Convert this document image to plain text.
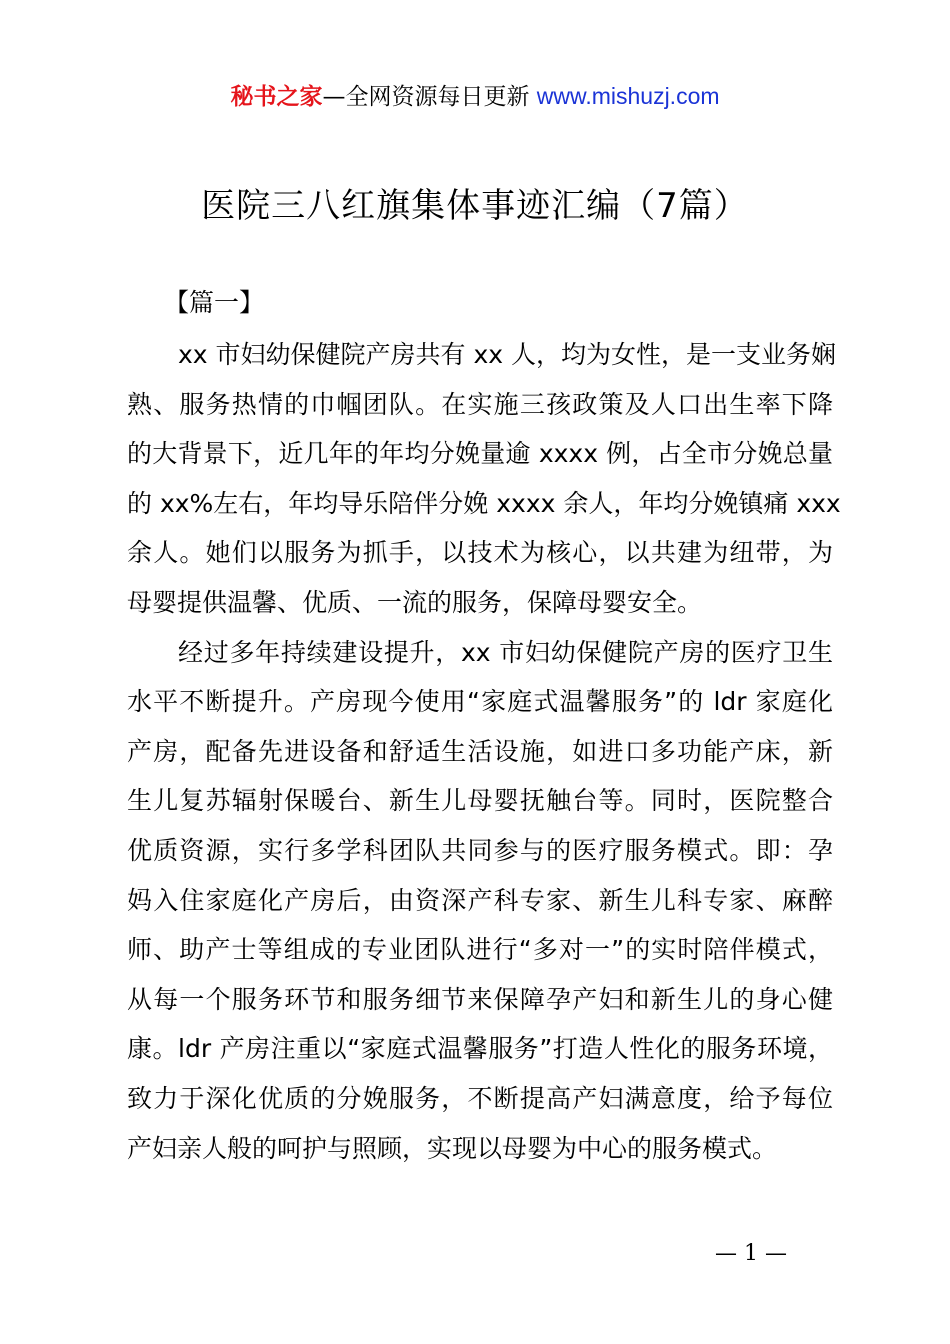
秘书之家—全网资源每日更新 www.mishuzj.com
医院三八红旗集体事迹汇编（7篇）
【篇一】
xx 市妇幼保健院产房共有 xx 人，均为女性，是一支业务娴
熟、服务热情的巾帼团队。在实施三孩政策及人口出生率下降
的大背景下，近几年的年均分娩量逾 xxxx 例，占全市分娩总量
的 xx%左右，年均导乐陪伴分娩 xxxx 余人，年均分娩镇痛 xxx
余人。她们以服务为抓手，以技术为核心，以共建为纽带，为
母婴提供温馨、优质、一流的服务，保障母婴安全。
经过多年持续建设提升，xx 市妇幼保健院产房的医疗卫生
水平不断提升。产房现今使用“家庭式温馨服务”的 ldr 家庭化
产房，配备先进设备和舒适生活设施，如进口多功能产床，新
生儿复苏辐射保暖台、新生儿母婴抚触台等。同时，医院整合
优质资源，实行多学科团队共同参与的医疗服务模式。即：孕
妈入住家庭化产房后，由资深产科专家、新生儿科专家、麻醉
师、助产士等组成的专业团队进行“多对一”的实时陪伴模式，
从每一个服务环节和服务细节来保障孕产妇和新生儿的身心健
康。ldr 产房注重以“家庭式温馨服务”打造人性化的服务环境，
致力于深化优质的分娩服务，不断提高产妇满意度，给予每位
产妇亲人般的呵护与照顾，实现以母婴为中心的服务模式。
— 1 —
